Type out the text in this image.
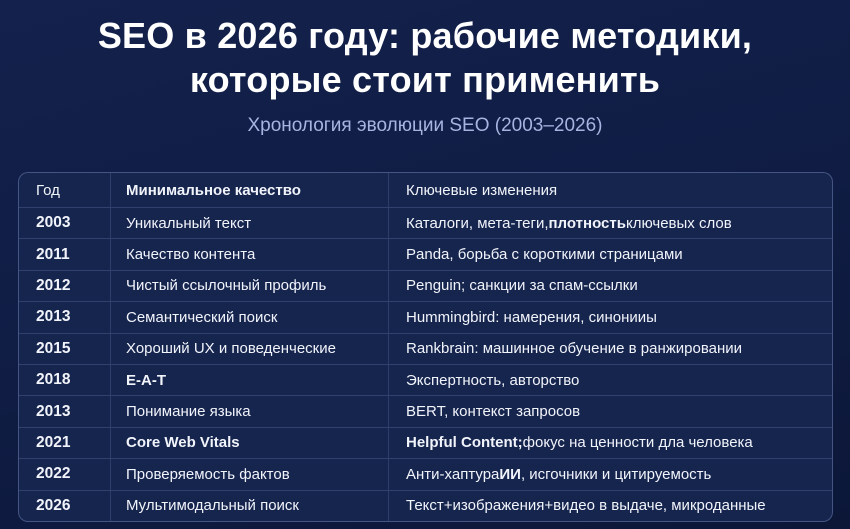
SEO в 2026 году: рабочие методики,
которые стоит применить
Хронология эволюции SEO (2003–2026)
Год	Минимальное качество	Ключевые изменения
2003	Уникальный текст	Каталоги, мета-теги, плотность ключевых слов
2011	Качество контента	Panda, борьба с короткими страницами
2012	Чистый ссылочный профиль	Penguin; санкции за спам-ссылки
2013	Семантический поиск	Hummingbird: намерения, синонииы
2015	Хороший UX и поведенческие	Rankbrain: машинное обучение в ранжировании
2018	E-A-T	Экспертность, авторство
2013	Понимание языка	BERT, контекст запросов
2021	Core Web Vitals	Helpful Content; фокус на ценности дла человека
2022	Проверяемость фактов	Анти-хаптура ИИ , исгочники и цитируемость
2026	Мультимодальный поиск	Текст+изображения+видео в выдаче, микроданные
